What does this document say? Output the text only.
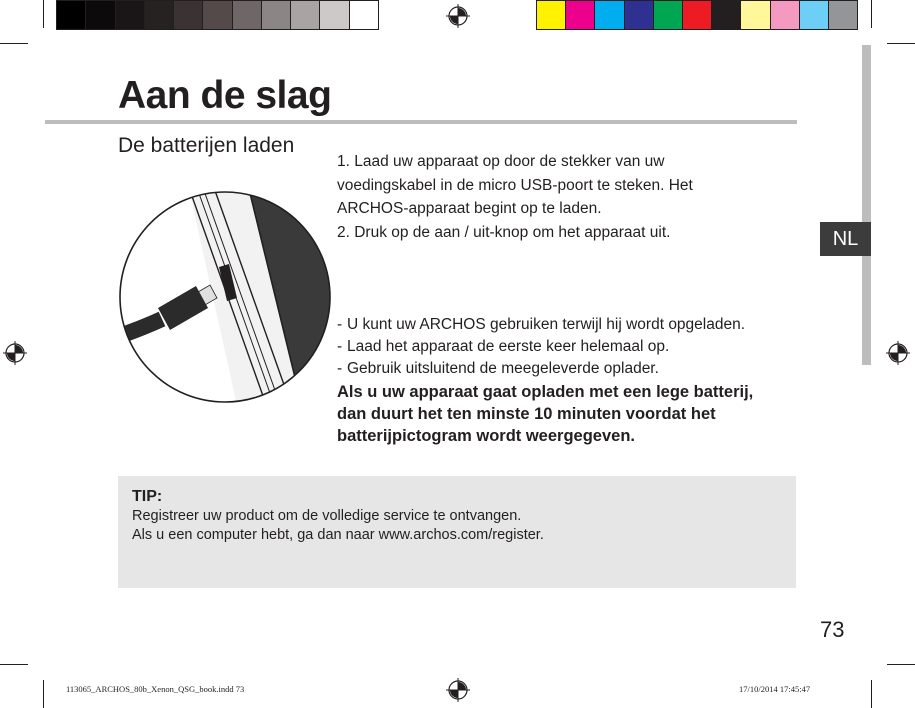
NL
Aan de slag
De batterijen laden
1. Laad uw apparaat op door de stekker van uw
voedingskabel in de micro USB-poort te steken. Het
ARCHOS-apparaat begint op te laden.
2. Druk op de aan / uit-knop om het apparaat uit.
- U kunt uw ARCHOS gebruiken terwijl hij wordt opgeladen.
- Laad het apparaat de eerste keer helemaal op.
- Gebruik uitsluitend de meegeleverde oplader.
Als u uw apparaat gaat opladen met een lege batterij,
dan duurt het ten minste 10 minuten voordat het
batterijpictogram wordt weergegeven.
TIP:
Registreer uw product om de volledige service te ontvangen.
Als u een computer hebt, ga dan naar www.archos.com/register.
73
113065_ARCHOS_80b_Xenon_QSG_book.indd 73	17/10/2014 17:45:47
